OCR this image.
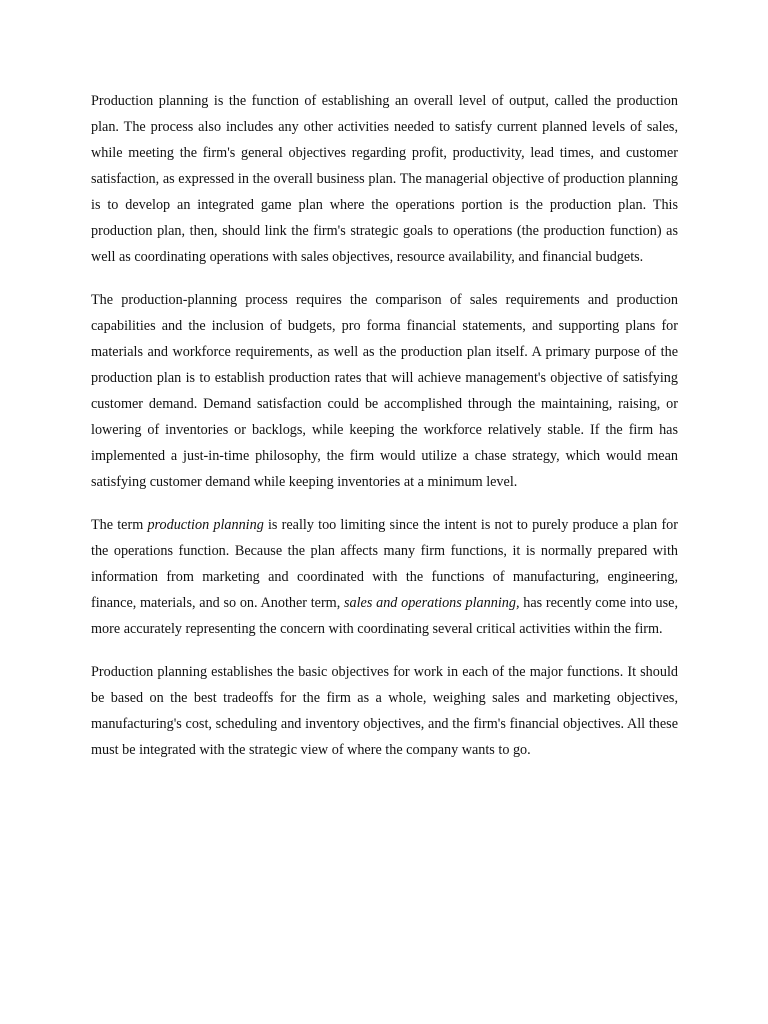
Production planning is the function of establishing an overall level of output, called the production plan. The process also includes any other activities needed to satisfy current planned levels of sales, while meeting the firm's general objectives regarding profit, productivity, lead times, and customer satisfaction, as expressed in the overall business plan. The managerial objective of production planning is to develop an integrated game plan where the operations portion is the production plan. This production plan, then, should link the firm's strategic goals to operations (the production function) as well as coordinating operations with sales objectives, resource availability, and financial budgets.

The production-planning process requires the comparison of sales requirements and production capabilities and the inclusion of budgets, pro forma financial statements, and supporting plans for materials and workforce requirements, as well as the production plan itself. A primary purpose of the production plan is to establish production rates that will achieve management's objective of satisfying customer demand. Demand satisfaction could be accomplished through the maintaining, raising, or lowering of inventories or backlogs, while keeping the workforce relatively stable. If the firm has implemented a just-in-time philosophy, the firm would utilize a chase strategy, which would mean satisfying customer demand while keeping inventories at a minimum level.

The term production planning is really too limiting since the intent is not to purely produce a plan for the operations function. Because the plan affects many firm functions, it is normally prepared with information from marketing and coordinated with the functions of manufacturing, engineering, finance, materials, and so on. Another term, sales and operations planning, has recently come into use, more accurately representing the concern with coordinating several critical activities within the firm.

Production planning establishes the basic objectives for work in each of the major functions. It should be based on the best tradeoffs for the firm as a whole, weighing sales and marketing objectives, manufacturing's cost, scheduling and inventory objectives, and the firm's financial objectives. All these must be integrated with the strategic view of where the company wants to go.
